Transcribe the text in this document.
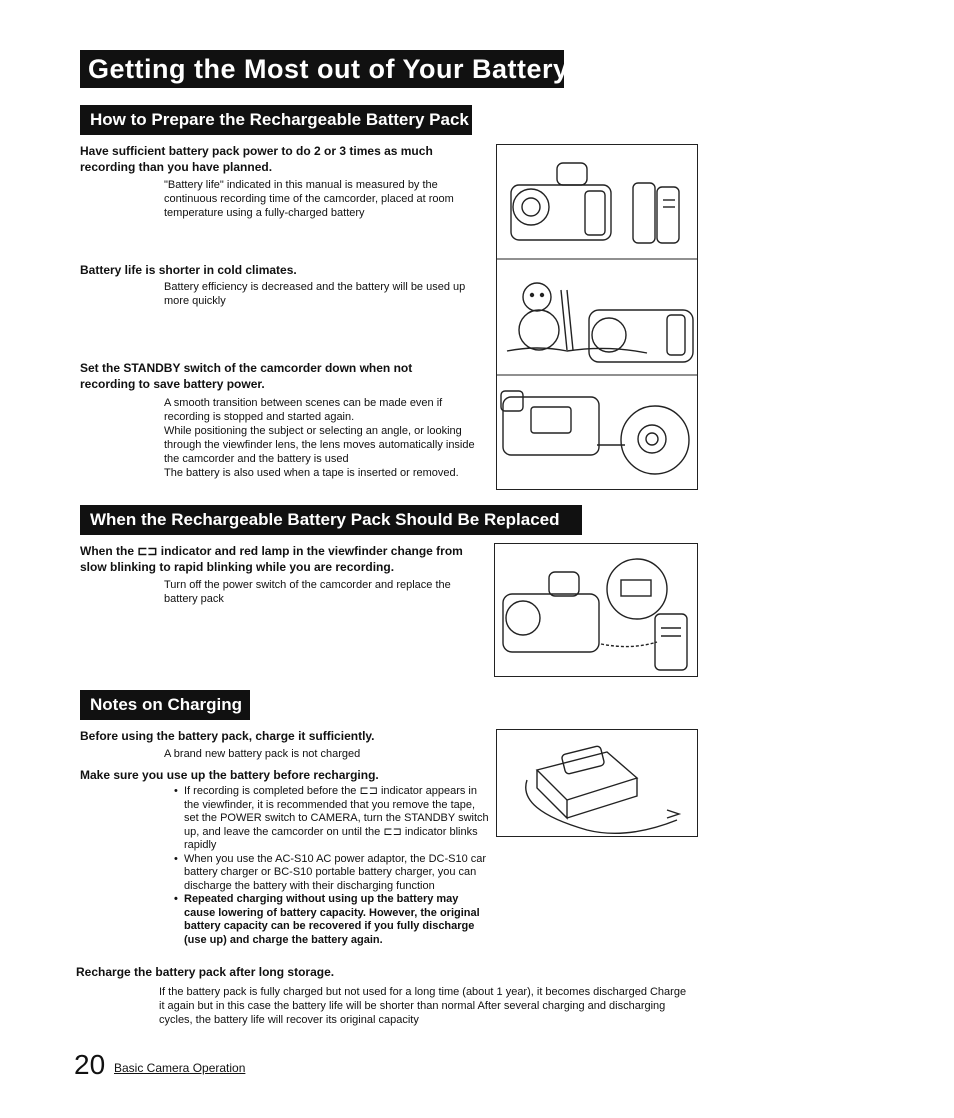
Getting the Most out of Your Battery Pack
How to Prepare the Rechargeable Battery Pack
Have sufficient battery pack power to do 2 or 3 times as much recording than you have planned.
"Battery life" indicated in this manual is measured by the continuous recording time of the camcorder, placed at room temperature using a fully-charged battery
Battery life is shorter in cold climates.
Battery efficiency is decreased and the battery will be used up more quickly
Set the STANDBY switch of the camcorder down when not recording to save battery power.
A smooth transition between scenes can be made even if recording is stopped and started again.
While positioning the subject or selecting an angle, or looking through the viewfinder lens, the lens moves automatically inside the camcorder and the battery is used
The battery is also used when a tape is inserted or removed.
When the Rechargeable Battery Pack Should Be Replaced
When the ⊏⊐ indicator and red lamp in the viewfinder change from slow blinking to rapid blinking while you are recording.
Turn off the power switch of the camcorder and replace the battery pack
Notes on Charging
Before using the battery pack, charge it sufficiently.
A brand new battery pack is not charged
Make sure you use up the battery before recharging.
• If recording is completed before the ⊏⊐ indicator appears in the viewfinder, it is recommended that you remove the tape, set the POWER switch to CAMERA, turn the STANDBY switch up, and leave the camcorder on until the ⊏⊐ indicator blinks rapidly
• When you use the AC-S10 AC power adaptor, the DC-S10 car battery charger or BC-S10 portable battery charger, you can discharge the battery with their discharging function
• Repeated charging without using up the battery may cause lowering of battery capacity. However, the original battery capacity can be recovered if you fully discharge (use up) and charge the battery again.
Recharge the battery pack after long storage.
If the battery pack is fully charged but not used for a long time (about 1 year), it becomes discharged Charge it again but in this case the battery life will be shorter than normal After several charging and discharging cycles, the battery life will recover its original capacity
20 Basic Camera Operation
